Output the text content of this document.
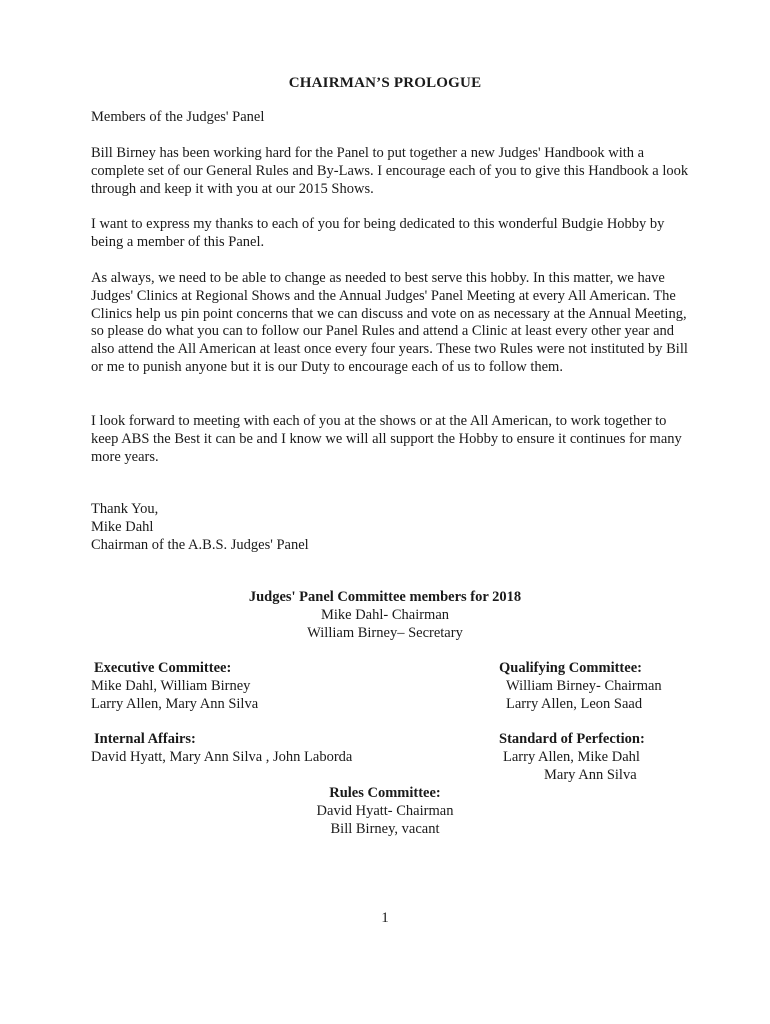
CHAIRMAN’S PROLOGUE

Members of the Judges' Panel

Bill Birney has been working hard for the Panel to put together a new Judges' Handbook with a complete set of our General Rules and By-Laws. I encourage each of you to give this Handbook a look through and keep it with you at our 2015 Shows.

I want to express my thanks to each of you for being dedicated to this wonderful Budgie Hobby by being a member of this Panel.

As always, we need to be able to change as needed to best serve this hobby. In this matter, we have Judges' Clinics at Regional Shows and the Annual Judges' Panel Meeting at every All American. The Clinics help us pin point concerns that we can discuss and vote on as necessary at the Annual Meeting, so please do what you can to follow our Panel Rules and attend a Clinic at least every other year and also attend the All American at least once every four years. These two Rules were not instituted by Bill or me to punish anyone but it is our Duty to encourage each of us to follow them.

I look forward to meeting with each of you at the shows or at the All American, to work together to keep ABS the Best it can be and I know we will all support the Hobby to ensure it continues for many more years.

Thank You,
Mike Dahl
Chairman of the A.B.S. Judges' Panel
Judges' Panel Committee members for 2018
Mike Dahl- Chairman
William Birney– Secretary
Executive Committee:
Mike Dahl, William Birney
Larry Allen, Mary Ann Silva
Qualifying Committee:
William Birney- Chairman
Larry Allen, Leon Saad
Internal Affairs:
David Hyatt, Mary Ann Silva , John Laborda
Standard of Perfection:
Larry Allen, Mike Dahl
Mary Ann Silva
Rules Committee:
David Hyatt- Chairman
Bill Birney, vacant
1
